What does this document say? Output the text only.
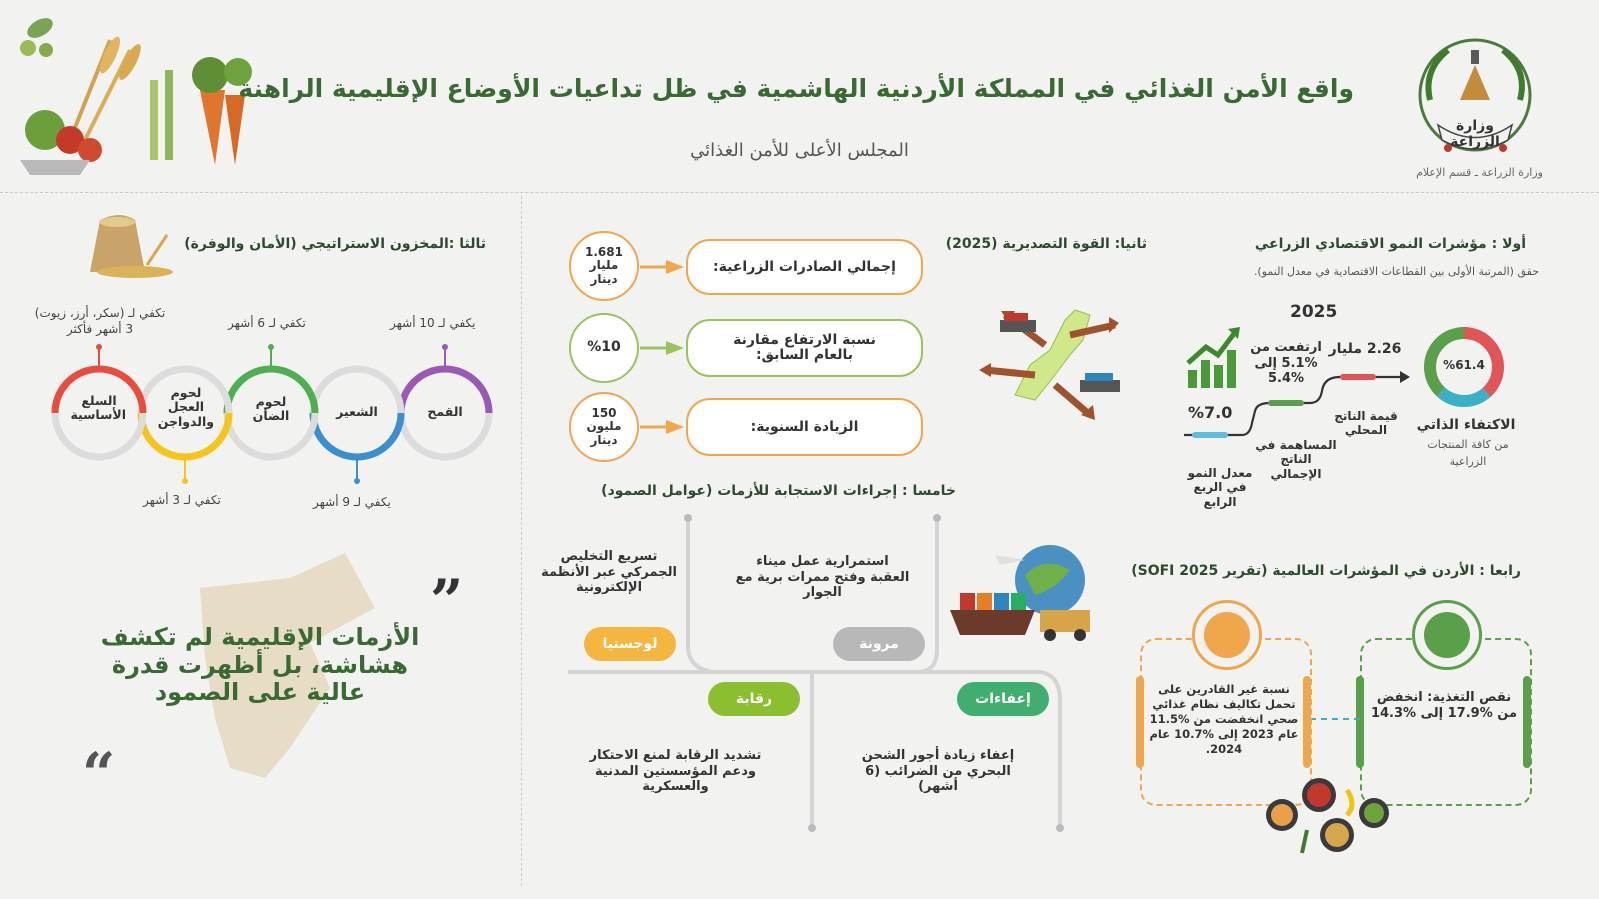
واقع الأمن الغذائي في المملكة الأردنية الهاشمية في ظل تداعيات الأوضاع الإقليمية الراهنة
المجلس الأعلى للأمن الغذائي
وزارة الزراعة
وزارة الزراعة ـ قسم الإعلام
أولا : مؤشرات النمو الاقتصادي الزراعي
حقق (المرتبة الأولى بين القطاعات الاقتصادية في معدل النمو).
2025
%61.4
الاكتفاء الذاتي
من كافة المنتجات الزراعية
%7.0
معدل النمو في الربع الرابع
ارتفعت من %5.1 إلى %5.4
المساهمة في الناتج الإجمالي
2.26 مليار
قيمة الناتج المحلي
ثانيا: القوة التصديرية (2025)
1.681 مليار دينار
إجمالي الصادرات الزراعية:
%10	نسبة الارتفاع مقارنة بالعام السابق:
150 مليون دينار
الزيادة السنوية:
ثالثا :المخزون الاستراتيجي (الأمان والوفرة)
القمح
الشعير
لحوم الضأن
لحوم العجل والدواجن
السلع الأساسية
يكفي لـ 10 أشهر
يكفي لـ 9 أشهر
تكفي لـ 6 أشهر
تكفي لـ 3 أشهر
تكفي لـ (سكر، أرز، زيوت) 3 أشهر فأكثر
”
الأزمات الإقليمية لم تكشف هشاشة، بل أظهرت قدرة عالية على الصمود
“
خامسا : إجراءات الاستجابة للأزمات (عوامل الصمود)
استمرارية عمل ميناء العقبة وفتح ممرات برية مع الجوار
مرونة
تسريع التخليص الجمركي عبر الأنظمة الإلكترونية
لوجستيا
إعفاءات
إعفاء زيادة أجور الشحن البحري من الضرائب (6 أشهر)
رقابة
تشديد الرقابة لمنع الاحتكار ودعم المؤسستين المدنية والعسكرية
رابعا : الأردن في المؤشرات العالمية (تقرير SOFI 2025)
نقص التغذية: انخفض من %17.9 إلى %14.3
نسبة غير القادرين على تحمل تكاليف نظام غذائي صحي انخفضت من %11.5 عام 2023 إلى %10.7 عام 2024.
